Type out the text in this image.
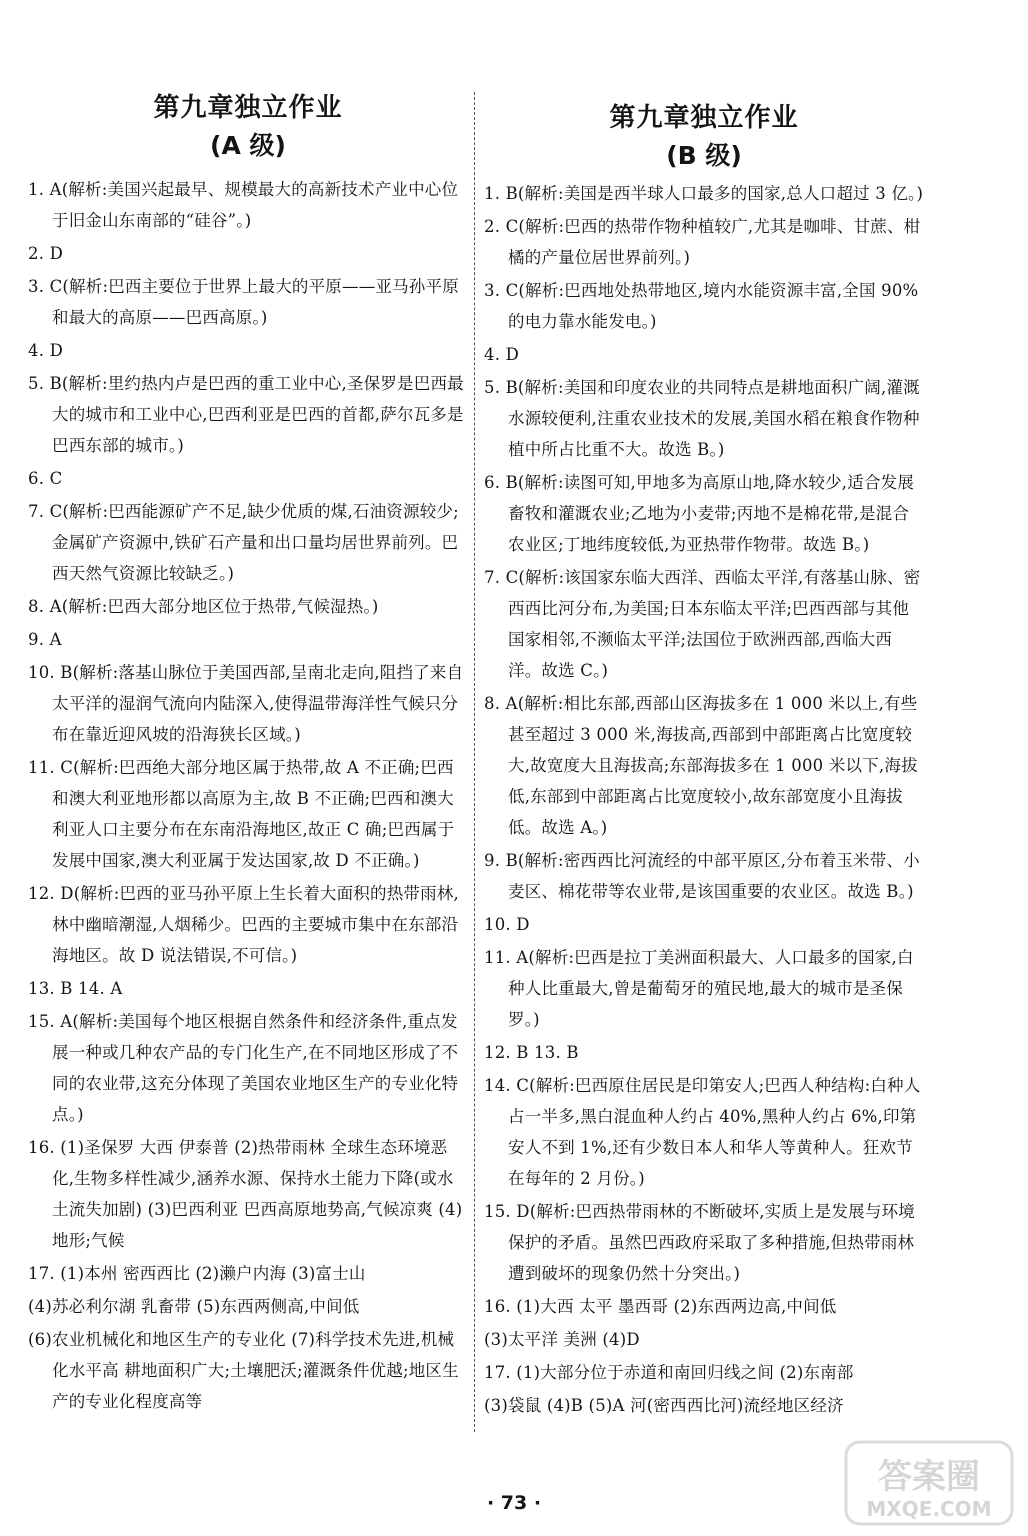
第九章独立作业
(A 级)
1. A(解析:美国兴起最早、规模最大的高新技术产业中心位于旧金山东南部的“硅谷”。)
2. D
3. C(解析:巴西主要位于世界上最大的平原——亚马孙平原和最大的高原——巴西高原。)
4. D
5. B(解析:里约热内卢是巴西的重工业中心,圣保罗是巴西最大的城市和工业中心,巴西利亚是巴西的首都,萨尔瓦多是巴西东部的城市。)
6. C
7. C(解析:巴西能源矿产不足,缺少优质的煤,石油资源较少;金属矿产资源中,铁矿石产量和出口量均居世界前列。巴西天然气资源比较缺乏。)
8. A(解析:巴西大部分地区位于热带,气候湿热。)
9. A
10. B(解析:落基山脉位于美国西部,呈南北走向,阻挡了来自太平洋的湿润气流向内陆深入,使得温带海洋性气候只分布在靠近迎风坡的沿海狭长区域。)
11. C(解析:巴西绝大部分地区属于热带,故 A 不正确;巴西和澳大利亚地形都以高原为主,故 B 不正确;巴西和澳大利亚人口主要分布在东南沿海地区,故正 C 确;巴西属于发展中国家,澳大利亚属于发达国家,故 D 不正确。)
12. D(解析:巴西的亚马孙平原上生长着大面积的热带雨林,林中幽暗潮湿,人烟稀少。巴西的主要城市集中在东部沿海地区。故 D 说法错误,不可信。)
13. B 14. A
15. A(解析:美国每个地区根据自然条件和经济条件,重点发展一种或几种农产品的专门化生产,在不同地区形成了不同的农业带,这充分体现了美国农业地区生产的专业化特点。)
16. (1)圣保罗 大西 伊泰普 (2)热带雨林 全球生态环境恶化,生物多样性减少,涵养水源、保持水土能力下降(或水土流失加剧) (3)巴西利亚 巴西高原地势高,气候凉爽 (4)地形;气候
17. (1)本州 密西西比 (2)濑户内海 (3)富士山
(4)苏必利尔湖 乳畜带 (5)东西两侧高,中间低
(6)农业机械化和地区生产的专业化 (7)科学技术先进,机械化水平高 耕地面积广大;土壤肥沃;灌溉条件优越;地区生产的专业化程度高等
第九章独立作业
(B 级)
1. B(解析:美国是西半球人口最多的国家,总人口超过 3 亿。)
2. C(解析:巴西的热带作物种植较广,尤其是咖啡、甘蔗、柑橘的产量位居世界前列。)
3. C(解析:巴西地处热带地区,境内水能资源丰富,全国 90%的电力靠水能发电。)
4. D
5. B(解析:美国和印度农业的共同特点是耕地面积广阔,灌溉水源较便利,注重农业技术的发展,美国水稻在粮食作物种植中所占比重不大。故选 B。)
6. B(解析:读图可知,甲地多为高原山地,降水较少,适合发展畜牧和灌溉农业;乙地为小麦带;丙地不是棉花带,是混合农业区;丁地纬度较低,为亚热带作物带。故选 B。)
7. C(解析:该国家东临大西洋、西临太平洋,有落基山脉、密西西比河分布,为美国;日本东临太平洋;巴西西部与其他国家相邻,不濒临太平洋;法国位于欧洲西部,西临大西洋。故选 C。)
8. A(解析:相比东部,西部山区海拔多在 1 000 米以上,有些甚至超过 3 000 米,海拔高,西部到中部距离占比宽度较大,故宽度大且海拔高;东部海拔多在 1 000 米以下,海拔低,东部到中部距离占比宽度较小,故东部宽度小且海拔低。故选 A。)
9. B(解析:密西西比河流经的中部平原区,分布着玉米带、小麦区、棉花带等农业带,是该国重要的农业区。故选 B。)
10. D
11. A(解析:巴西是拉丁美洲面积最大、人口最多的国家,白种人比重最大,曾是葡萄牙的殖民地,最大的城市是圣保罗。)
12. B 13. B
14. C(解析:巴西原住居民是印第安人;巴西人种结构:白种人占一半多,黑白混血种人约占 40%,黑种人约占 6%,印第安人不到 1%,还有少数日本人和华人等黄种人。狂欢节在每年的 2 月份。)
15. D(解析:巴西热带雨林的不断破坏,实质上是发展与环境保护的矛盾。虽然巴西政府采取了多种措施,但热带雨林遭到破坏的现象仍然十分突出。)
16. (1)大西 太平 墨西哥 (2)东西两边高,中间低
(3)太平洋 美洲 (4)D
17. (1)大部分位于赤道和南回归线之间 (2)东南部
(3)袋鼠 (4)B (5)A 河(密西西比河)流经地区经济
· 73 ·
答案圈
MXQE.COM
